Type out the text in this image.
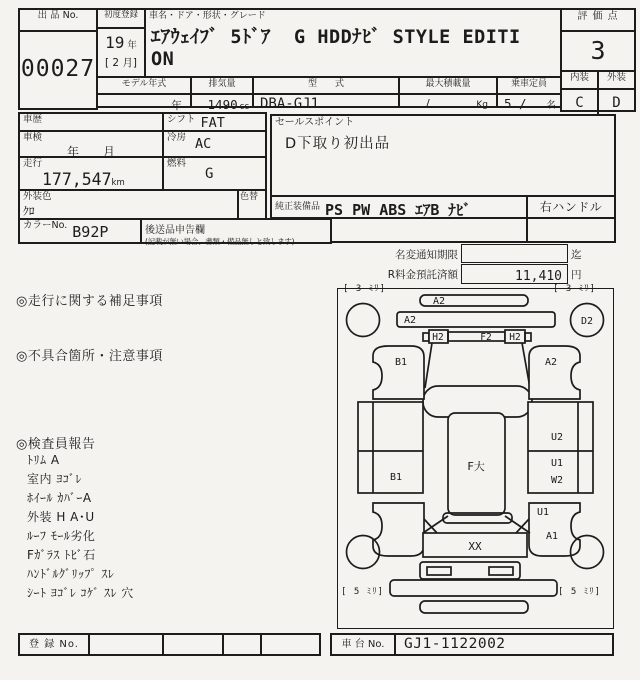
出 品 No.
00027
初度登録
19 年
[ 2 月]
車名・ドア・形状・グレード
ｴｱｳｪｲﾌﾞ 5ﾄﾞｱ  G HDDﾅﾋﾞ STYLE EDITI
ON
評 価 点
3
内装	外装
C	D
モデル年式
年
排気量
1490 cc
型　　式
DBA-GJ1
最大積載量
/	Kg
乗車定員
5 / 名
車歴	シフト FAT
車検
年　　月
冷房 AC
走行
177,547km
燃料
G
外装色
ｸﾛ
色替
カラーNo. B92P	後送品申告欄
(記載が無い場合、書類・備品無しと致します)
セールスポイント
D下取り初出品
純正装備品 PS PW ABS ｴｱB ﾅﾋﾞ	右ハンドル
名変通知期限	迄
R料金預託済額	11,410 円
◎走行に関する補足事項
◎不具合箇所・注意事項
◎検査員報告
ﾄﾘﾑ A
室内 ﾖｺﾞﾚ
ﾎｲｰﾙ ｶﾊﾞｰA
外装 H A･U
ﾙｰﾌ ﾓｰﾙ劣化
Fｶﾞﾗｽ ﾄﾋﾞ石
ﾊﾝﾄﾞﾙｸﾞﾘｯﾌﾟ ｽﾚ
ｼｰﾄ ﾖｺﾞﾚ ｺｹﾞ ｽﾚ 穴
[ 3 ﾐﾘ]	[ 3 ﾐﾘ]
[ 5 ﾐﾘ]	[ 5 ﾐﾘ]
A2
A2
H2	F2 H2
D2
B1	A2
B1
F大
U2
U1
W2
U1
A1
XX
登 録 No.	車 台 No.	GJ1-1122002
